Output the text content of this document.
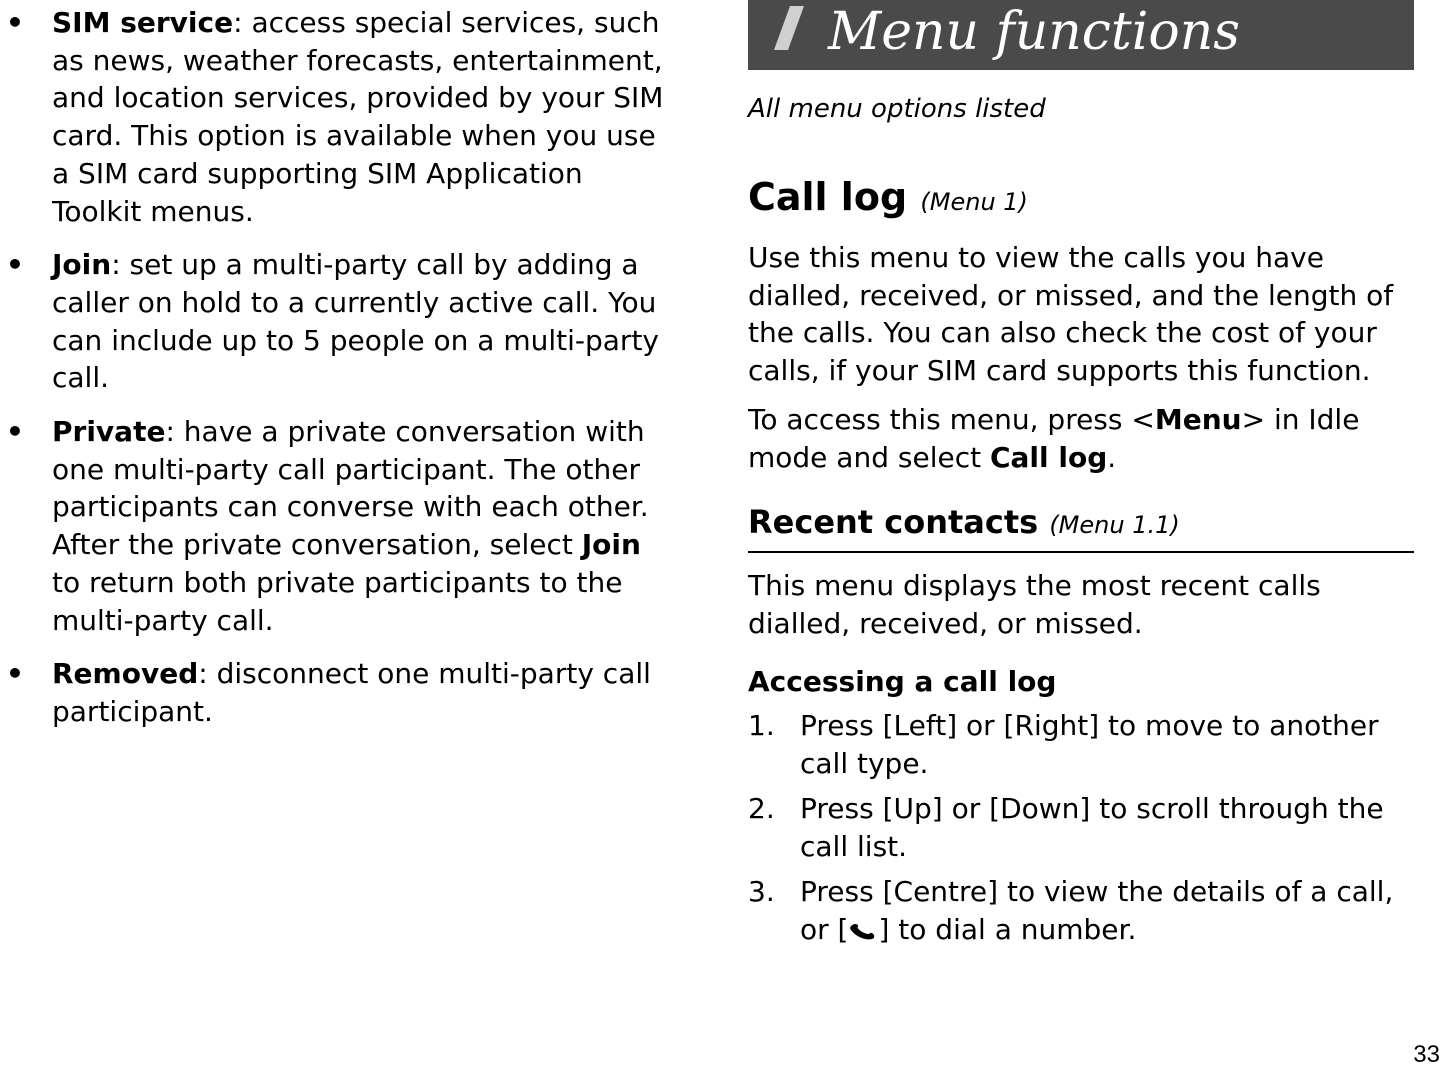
• SIM service: access special services, such as news, weather forecasts, entertainment, and location services, provided by your SIM card. This option is available when you use a SIM card supporting SIM Application Toolkit menus.

• Join: set up a multi-party call by adding a caller on hold to a currently active call. You can include up to 5 people on a multi-party call.

• Private: have a private conversation with one multi-party call participant. The other participants can converse with each other. After the private conversation, select Join to return both private participants to the multi-party call.

• Removed: disconnect one multi-party call participant.

Menu functions
All menu options listed
Call log (Menu 1)
Use this menu to view the calls you have dialled, received, or missed, and the length of the calls. You can also check the cost of your calls, if your SIM card supports this function.
To access this menu, press <Menu> in Idle mode and select Call log.
Recent contacts (Menu 1.1)
This menu displays the most recent calls dialled, received, or missed.
Accessing a call log
1. Press [Left] or [Right] to move to another call type.
2. Press [Up] or [Down] to scroll through the call list.
3. Press [Centre] to view the details of a call, or [ ] to dial a number.
33
